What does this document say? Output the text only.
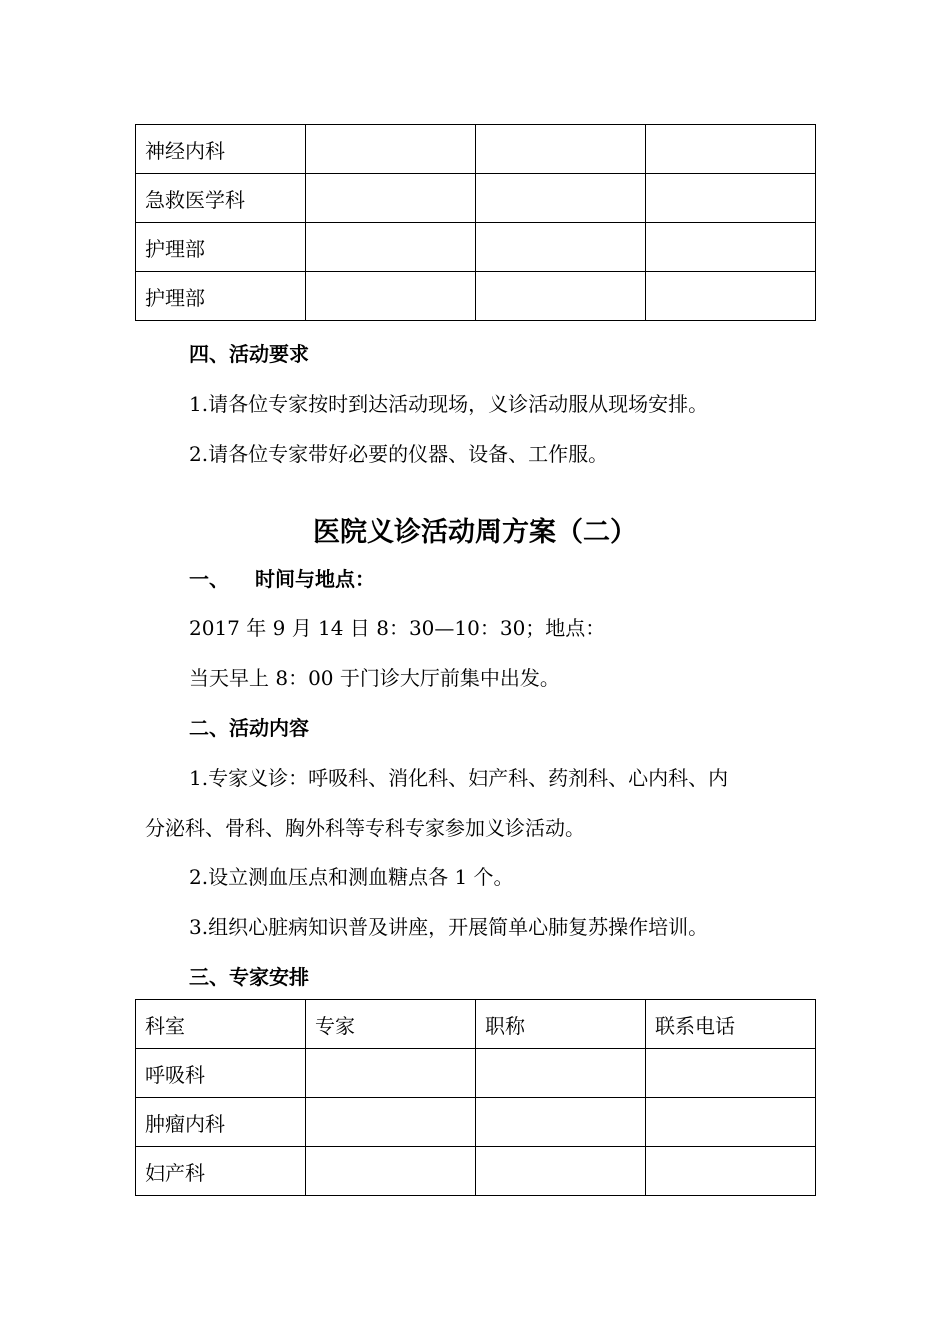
神经内科			
急救医学科			
护理部			
护理部			
四、活动要求
1.请各位专家按时到达活动现场，义诊活动服从现场安排。
2.请各位专家带好必要的仪器、设备、工作服。
医院义诊活动周方案（二）
一、 时间与地点：
2017 年 9 月 14 日 8：30—10：30；地点：
当天早上 8：00 于门诊大厅前集中出发。
二、活动内容
1.专家义诊：呼吸科、消化科、妇产科、药剂科、心内科、内
分泌科、骨科、胸外科等专科专家参加义诊活动。
2.设立测血压点和测血糖点各 1 个。
3.组织心脏病知识普及讲座，开展简单心肺复苏操作培训。
三、专家安排
科室	专家	职称	联系电话
呼吸科			
肿瘤内科			
妇产科			
